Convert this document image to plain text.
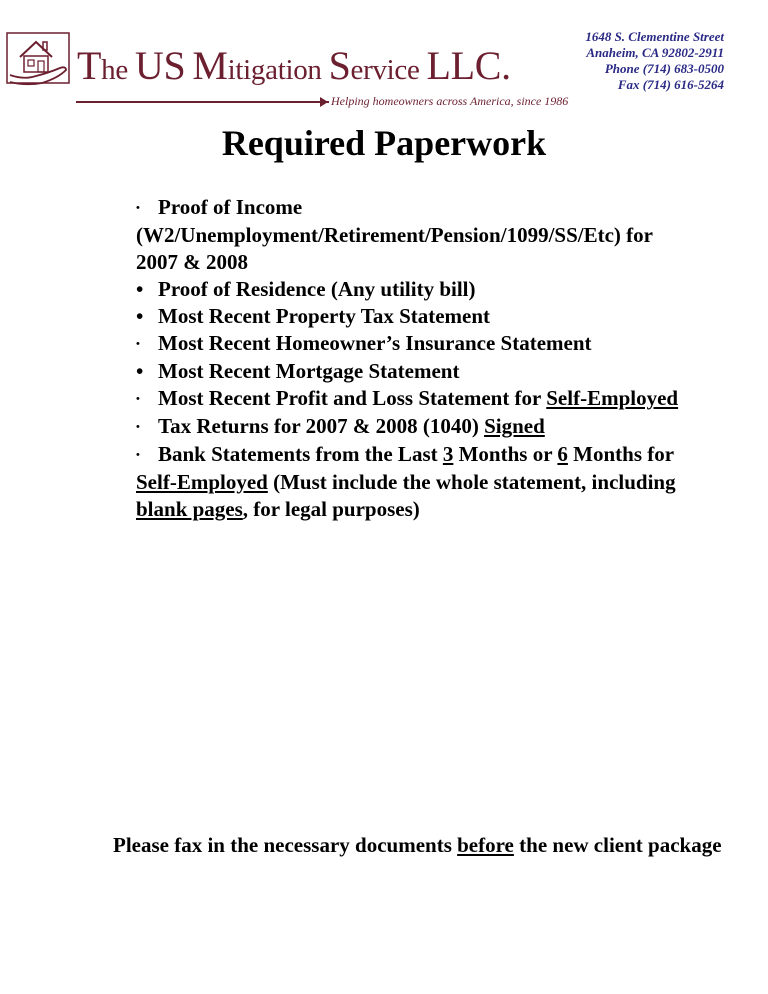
The US Mitigation Service LLC.
Helping homeowners across America, since 1986
1648 S. Clementine Street
Anaheim, CA 92802-2911
Phone (714) 683-0500
Fax (714) 616-5264
Required Paperwork

• Proof of Income (W2/Unemployment/Retirement/Pension/1099/SS/Etc) for 2007 & 2008

• Proof of Residence (Any utility bill)

• Most Recent Property Tax Statement

• Most Recent Homeowner’s Insurance Statement

• Most Recent Mortgage Statement

• Most Recent Profit and Loss Statement for Self-Employed

• Tax Returns for 2007 & 2008 (1040) Signed

• Bank Statements from the Last 3 Months or 6 Months for Self-Employed (Must include the whole statement, including blank pages, for legal purposes)

Please fax in the necessary documents before the new client package
